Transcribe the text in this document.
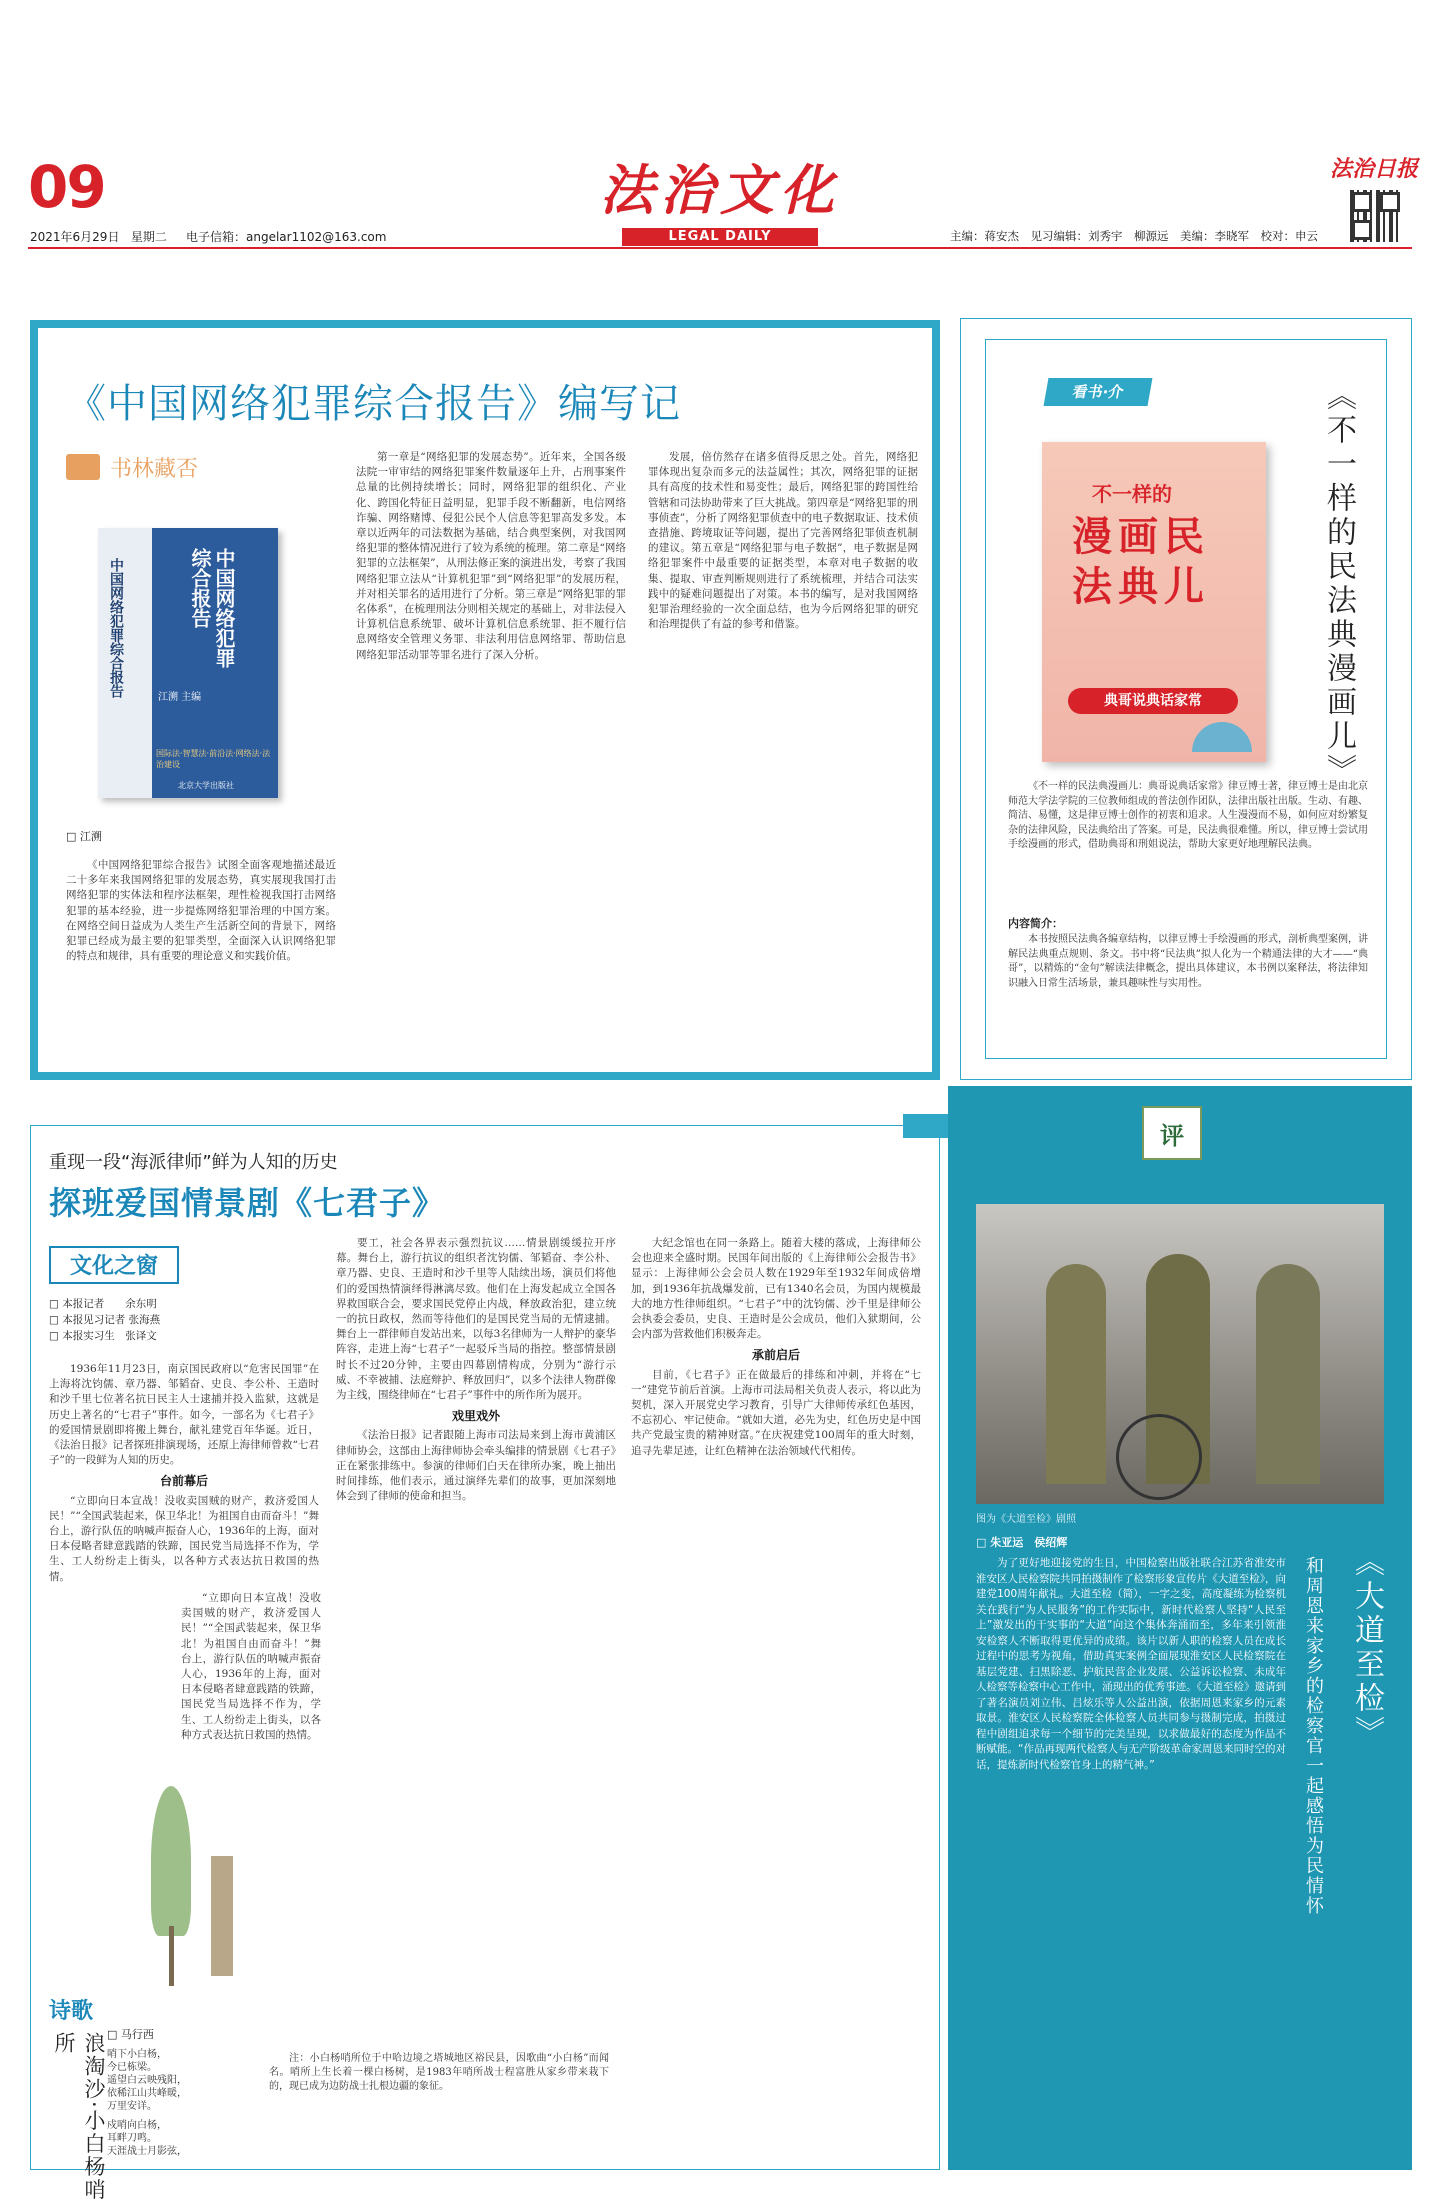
09
2021年6月29日 星期二 电子信箱：angelar1102@163.com
法治文化
LEGAL DAILY	主编：蒋安杰　见习编辑：刘秀宇　柳源远　美编：李晓军　校对：申云
法治日报
《中国网络犯罪综合报告》编写记
书林藏否
中国网络犯罪综合报告	中国网络犯罪综合报告
江溯 主编
国际法·智慧法·前沿法·网络法·法治建设
北京大学出版社
□ 江溯

《中国网络犯罪综合报告》试图全面客观地描述最近二十多年来我国网络犯罪的发展态势，真实展现我国打击网络犯罪的实体法和程序法框架，理性检视我国打击网络犯罪的基本经验，进一步提炼网络犯罪治理的中国方案。在网络空间日益成为人类生产生活新空间的背景下，网络犯罪已经成为最主要的犯罪类型，全面深入认识网络犯罪的特点和规律，具有重要的理论意义和实践价值。

第一章是“网络犯罪的发展态势”。近年来，全国各级法院一审审结的网络犯罪案件数量逐年上升，占刑事案件总量的比例持续增长；同时，网络犯罪的组织化、产业化、跨国化特征日益明显，犯罪手段不断翻新，电信网络诈骗、网络赌博、侵犯公民个人信息等犯罪高发多发。本章以近两年的司法数据为基础，结合典型案例，对我国网络犯罪的整体情况进行了较为系统的梳理。第二章是“网络犯罪的立法框架”，从刑法修正案的演进出发，考察了我国网络犯罪立法从“计算机犯罪”到“网络犯罪”的发展历程，并对相关罪名的适用进行了分析。第三章是“网络犯罪的罪名体系”，在梳理刑法分则相关规定的基础上，对非法侵入计算机信息系统罪、破坏计算机信息系统罪、拒不履行信息网络安全管理义务罪、非法利用信息网络罪、帮助信息网络犯罪活动罪等罪名进行了深入分析。

发展，倍仿然存在诸多值得反思之处。首先，网络犯罪体现出复杂而多元的法益属性；其次，网络犯罪的证据具有高度的技术性和易变性；最后，网络犯罪的跨国性给管辖和司法协助带来了巨大挑战。第四章是“网络犯罪的刑事侦查”，分析了网络犯罪侦查中的电子数据取证、技术侦查措施、跨境取证等问题，提出了完善网络犯罪侦查机制的建议。第五章是“网络犯罪与电子数据”，电子数据是网络犯罪案件中最重要的证据类型，本章对电子数据的收集、提取、审查判断规则进行了系统梳理，并结合司法实践中的疑难问题提出了对策。本书的编写，是对我国网络犯罪治理经验的一次全面总结，也为今后网络犯罪的研究和治理提供了有益的参考和借鉴。

看书·介
不一样的
漫画民法典儿
典哥说典话家常	《不一样的民法典漫画儿》

《不一样的民法典漫画儿：典哥说典话家常》律豆博士著，律豆博士是由北京师范大学法学院的三位教师组成的普法创作团队，法律出版社出版。生动、有趣、简洁、易懂，这是律豆博士创作的初衷和追求。人生漫漫而不易，如何应对纷繁复杂的法律风险，民法典给出了答案。可是，民法典很难懂。所以，律豆博士尝试用手绘漫画的形式，借助典哥和刑姐说法，帮助大家更好地理解民法典。

内容简介：

本书按照民法典各编章结构，以律豆博士手绘漫画的形式，剖析典型案例，讲解民法典重点规则、条文。书中将“民法典”拟人化为一个精通法律的大才——“典哥”，以精炼的“金句”解读法律概念，提出具体建议，本书例以案释法，将法律知识融入日常生活场景，兼具趣味性与实用性。

重现一段“海派律师”鲜为人知的历史
探班爱国情景剧《七君子》
文化之窗
□ 本报记者　　余东明
□ 本报见习记者 张海燕
□ 本报实习生　张译文

1936年11月23日，南京国民政府以“危害民国罪”在上海将沈钧儒、章乃器、邹韬奋、史良、李公朴、王造时和沙千里七位著名抗日民主人士逮捕并投入监狱，这就是历史上著名的“七君子”事件。如今，一部名为《七君子》的爱国情景剧即将搬上舞台，献礼建党百年华诞。近日，《法治日报》记者探班排演现场，还原上海律师曾救“七君子”的一段鲜为人知的历史。

台前幕后

“立即向日本宣战！没收卖国贼的财产，救济爱国人民！”“全国武装起来，保卫华北！为祖国自由而奋斗！”舞台上，游行队伍的呐喊声振奋人心，1936年的上海，面对日本侵略者肆意践踏的铁蹄，国民党当局选择不作为，学生、工人纷纷走上街头，以各种方式表达抗日救国的热情。

“立即向日本宣战！没收卖国贼的财产，救济爱国人民！”“全国武装起来，保卫华北！为祖国自由而奋斗！”舞台上，游行队伍的呐喊声振奋人心，1936年的上海，面对日本侵略者肆意践踏的铁蹄，国民党当局选择不作为，学生、工人纷纷走上街头，以各种方式表达抗日救国的热情。

要工，社会各界表示强烈抗议……情景剧缓缓拉开序幕。舞台上，游行抗议的组织者沈钧儒、邹韬奋、李公朴、章乃器、史良、王造时和沙千里等人陆续出场，演员们将他们的爱国热情演绎得淋漓尽致。他们在上海发起成立全国各界救国联合会，要求国民党停止内战，释放政治犯，建立统一的抗日政权，然而等待他们的是国民党当局的无情逮捕。舞台上一群律师自发站出来，以每3名律师为一人辩护的豪华阵容，走进上海“七君子”一起驳斥当局的指控。整部情景剧时长不过20分钟，主要由四幕剧情构成，分别为“游行示威、不幸被捕、法庭辩护、释放回归”，以多个法律人物群像为主线，围绕律师在“七君子”事件中的所作所为展开。

戏里戏外

《法治日报》记者跟随上海市司法局来到上海市黄浦区律师协会，这部由上海律师协会牵头编排的情景剧《七君子》正在紧张排练中。参演的律师们白天在律所办案，晚上抽出时间排练，他们表示，通过演绎先辈们的故事，更加深刻地体会到了律师的使命和担当。

大纪念馆也在同一条路上。随着大楼的落成，上海律师公会也迎来全盛时期。民国年间出版的《上海律师公会报告书》显示：上海律师公会会员人数在1929年至1932年间成倍增加，到1936年抗战爆发前，已有1340名会员，为国内规模最大的地方性律师组织。“七君子”中的沈钧儒、沙千里是律师公会执委会委员，史良、王造时是公会成员，他们入狱期间，公会内部为营救他们积极奔走。

承前启后

目前，《七君子》正在做最后的排练和冲刺，并将在“七一”建党节前后首演。上海市司法局相关负责人表示，将以此为契机，深入开展党史学习教育，引导广大律师传承红色基因，不忘初心、牢记使命。“就如大道，必先为史，红色历史是中国共产党最宝贵的精神财富。”在庆祝建党100周年的重大时刻，追寻先辈足迹，让红色精神在法治领域代代相传。

诗歌
浪淘沙·小白杨哨所	□ 马行西
哨下小白杨，
今已栋梁。
遥望白云映残阳，
依稀江山共峰暖，
万里安详。
戍哨向白杨，
耳畔刀鸣。
天涯战士月影弦，

注：小白杨哨所位于中哈边境之塔城地区裕民县，因歌曲“小白杨”而闻名。哨所上生长着一棵白杨树，是1983年哨所战士程富胜从家乡带来栽下的，现已成为边防战士扎根边疆的象征。

评
图为《大道至检》剧照
□ 朱亚运　侯绍辉

为了更好地迎接党的生日，中国检察出版社联合江苏省淮安市淮安区人民检察院共同拍摄制作了检察形象宣传片《大道至检》，向建党100周年献礼。大道至检（简），一字之变，高度凝练为检察机关在践行“为人民服务”的工作实际中，新时代检察人坚持“人民至上”激发出的干实事的“大道”向这个集体奔涌而至，多年来引领淮安检察人不断取得更优异的成绩。该片以新人职的检察人员在成长过程中的思考为视角，借助真实案例全面展现淮安区人民检察院在基层党建、扫黑除恶、护航民营企业发展、公益诉讼检察、未成年人检察等检察中心工作中，涌现出的优秀事迹。《大道至检》邀请到了著名演员刘立伟、吕炫乐等人公益出演，依据周恩来家乡的元素取景。淮安区人民检察院全体检察人员共同参与摄制完成，拍摄过程中剧组追求每一个细节的完美呈现，以求做最好的态度为作品不断赋能。“作品再现两代检察人与无产阶级革命家周恩来同时空的对话，提炼新时代检察官身上的精气神。”

《大道至检》
和周恩来家乡的检察官一起感悟为民情怀
